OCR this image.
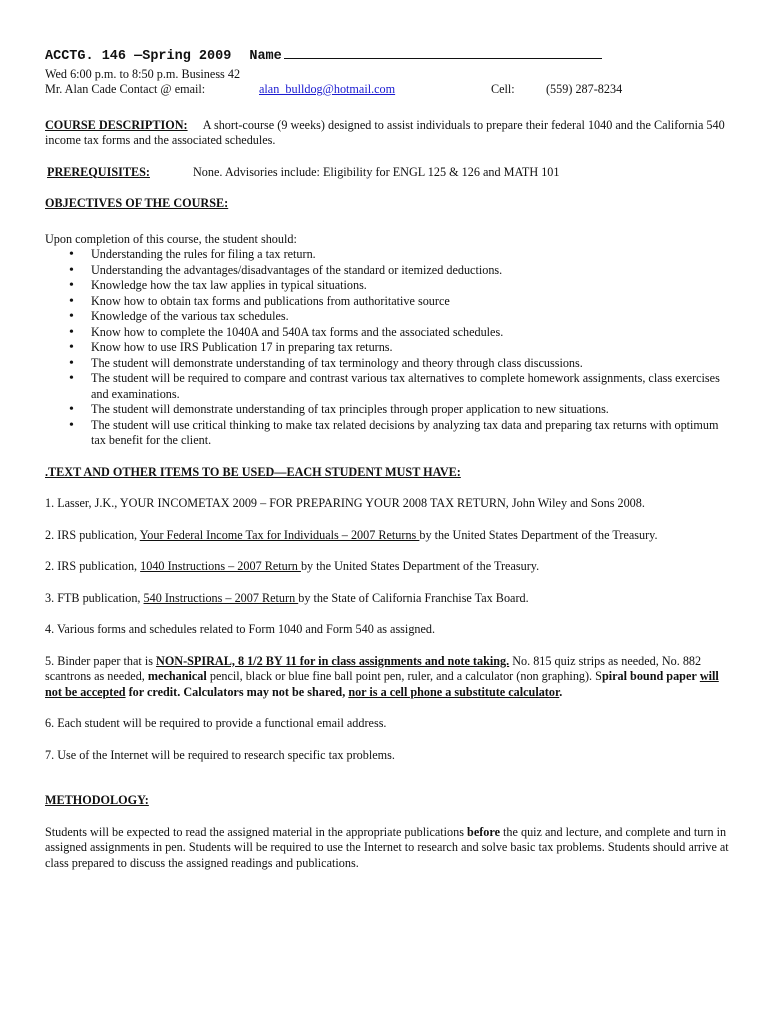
ACCTG. 146 —Spring 2009 Name
Wed 6:00 p.m. to 8:50 p.m. Business 42
Mr. Alan Cade Contact @ email:	alan_bulldog@hotmail.com	Cell:	(559) 287-8234

COURSE DESCRIPTION: A short-course (9 weeks) designed to assist individuals to prepare their federal 1040 and the California 540 income tax forms and the associated schedules.

PREREQUISITES:	None. Advisories include: Eligibility for ENGL 125 & 126 and MATH 101

OBJECTIVES OF THE COURSE:

Upon completion of this course, the student should:

• Understanding the rules for filing a tax return.
• Understanding the advantages/disadvantages of the standard or itemized deductions.
• Knowledge how the tax law applies in typical situations.
• Know how to obtain tax forms and publications from authoritative source
• Knowledge of the various tax schedules.
• Know how to complete the 1040A and 540A tax forms and the associated schedules.
• Know how to use IRS Publication 17 in preparing tax returns.
• The student will demonstrate understanding of tax terminology and theory through class discussions.
• The student will be required to compare and contrast various tax alternatives to complete homework assignments, class exercises and examinations.
• The student will demonstrate understanding of tax principles through proper application to new situations.
• The student will use critical thinking to make tax related decisions by analyzing tax data and preparing tax returns with optimum tax benefit for the client.

.TEXT AND OTHER ITEMS TO BE USED—EACH STUDENT MUST HAVE:

1. Lasser, J.K., YOUR INCOMETAX 2009 – FOR PREPARING YOUR 2008 TAX RETURN, John Wiley and Sons 2008.

2. IRS publication, Your Federal Income Tax for Individuals – 2007 Returns by the United States Department of the Treasury.

2. IRS publication, 1040 Instructions – 2007 Return by the United States Department of the Treasury.

3. FTB publication, 540 Instructions – 2007 Return by the State of California Franchise Tax Board.

4. Various forms and schedules related to Form 1040 and Form 540 as assigned.

5. Binder paper that is NON-SPIRAL, 8 1/2 BY 11 for in class assignments and note taking. No. 815 quiz strips as needed, No. 882 scantrons as needed, mechanical pencil, black or blue fine ball point pen, ruler, and a calculator (non graphing). Spiral bound paper will not be accepted for credit. Calculators may not be shared, nor is a cell phone a substitute calculator.

6. Each student will be required to provide a functional email address.

7. Use of the Internet will be required to research specific tax problems.

METHODOLOGY:

Students will be expected to read the assigned material in the appropriate publications before the quiz and lecture, and complete and turn in assigned assignments in pen. Students will be required to use the Internet to research and solve basic tax problems. Students should arrive at class prepared to discuss the assigned readings and publications.
